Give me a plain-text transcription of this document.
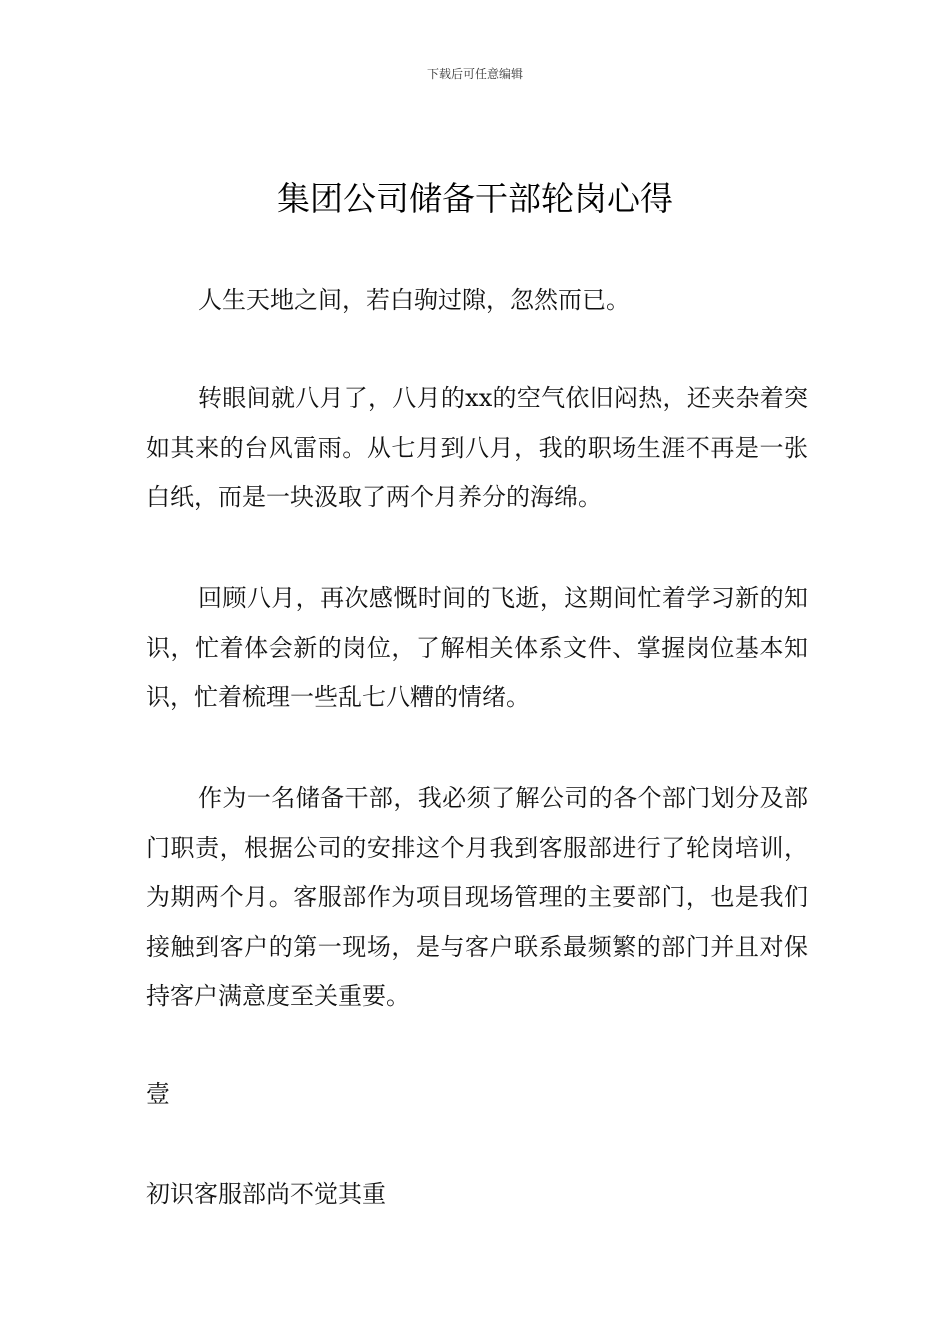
下载后可任意编辑
集团公司储备干部轮岗心得

人生天地之间，若白驹过隙，忽然而已。

转眼间就八月了，八月的xx的空气依旧闷热，还夹杂着突如其来的台风雷雨。从七月到八月，我的职场生涯不再是一张白纸，而是一块汲取了两个月养分的海绵。

回顾八月，再次感慨时间的飞逝，这期间忙着学习新的知识，忙着体会新的岗位，了解相关体系文件、掌握岗位基本知识，忙着梳理一些乱七八糟的情绪。

作为一名储备干部，我必须了解公司的各个部门划分及部门职责，根据公司的安排这个月我到客服部进行了轮岗培训，为期两个月。客服部作为项目现场管理的主要部门，也是我们接触到客户的第一现场，是与客户联系最频繁的部门并且对保持客户满意度至关重要。

壹

初识客服部尚不觉其重
